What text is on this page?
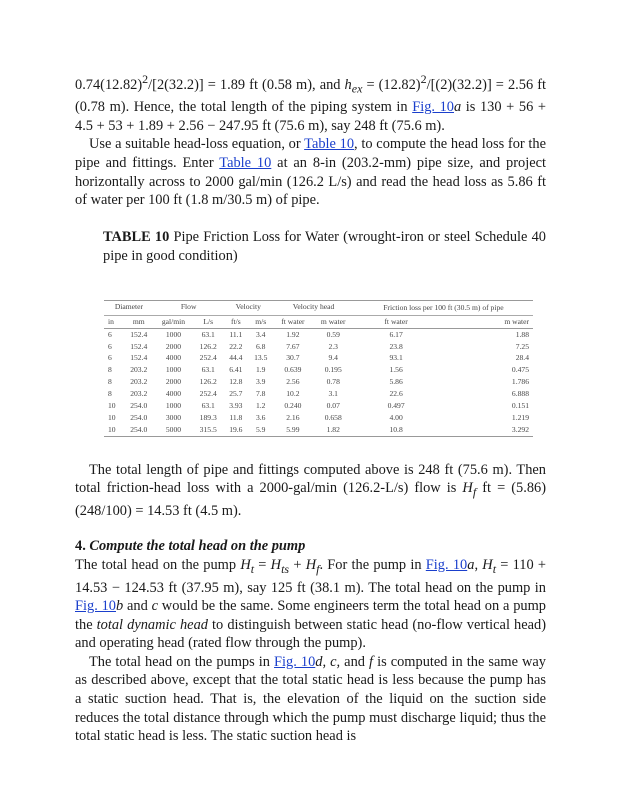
$0.74(12.82)^2/[2(32.2)] = 1.89$ ft (0.58 m), and $h_{ex} = (12.82)^2/[(2)(32.2)] = 2.56$ ft (0.78 m). Hence, the total length of the piping system in Fig. 10a is 130 + 56 + 4.5 + 53 + 1.89 + 2.56 − 247.95 ft (75.6 m), say 248 ft (75.6 m).

Use a suitable head-loss equation, or Table 10, to compute the head loss for the pipe and fittings. Enter Table 10 at an 8-in (203.2-mm) pipe size, and project horizontally across to 2000 gal/min (126.2 L/s) and read the head loss as 5.86 ft of water per 100 ft (1.8 m/30.5 m) of pipe.

TABLE 10 Pipe Friction Loss for Water (wrought-iron or steel Schedule 40 pipe in good condition)

Diameter		Flow		Velocity		Velocity head		Friction loss per 100 ft (30.5 m) of pipe	
in	mm	gal/min	L/s	ft/s	m/s	ft water	m water	ft water	m water
6	152.4	1000	63.1	11.1	3.4	1.92	0.59	6.17	1.88
6	152.4	2000	126.2	22.2	6.8	7.67	2.3	23.8	7.25
6	152.4	4000	252.4	44.4	13.5	30.7	9.4	93.1	28.4
8	203.2	1000	63.1	6.41	1.9	0.639	0.195	1.56	0.475
8	203.2	2000	126.2	12.8	3.9	2.56	0.78	5.86	1.786
8	203.2	4000	252.4	25.7	7.8	10.2	3.1	22.6	6.888
10	254.0	1000	63.1	3.93	1.2	0.240	0.07	0.497	0.151
10	254.0	3000	189.3	11.8	3.6	2.16	0.658	4.00	1.219
10	254.0	5000	315.5	19.6	5.9	5.99	1.82	10.8	3.292

The total length of pipe and fittings computed above is 248 ft (75.6 m). Then total friction-head loss with a 2000-gal/min (126.2-L/s) flow is $H_f$ ft = (5.86)(248/100) = 14.53 ft (4.5 m).

4. Compute the total head on the pump

The total head on the pump $H_t = H_{ts} + H_f$. For the pump in Fig. 10a, $H_t = 110 + 14.53 - 124.53$ ft (37.95 m), say 125 ft (38.1 m). The total head on the pump in Fig. 10b and c would be the same. Some engineers term the total head on a pump the total dynamic head to distinguish between static head (no-flow vertical head) and operating head (rated flow through the pump).

The total head on the pumps in Fig. 10d, c, and f is computed in the same way as described above, except that the total static head is less because the pump has a static suction head. That is, the elevation of the liquid on the suction side reduces the total distance through which the pump must discharge liquid; thus the total static head is less. The static suction head is
